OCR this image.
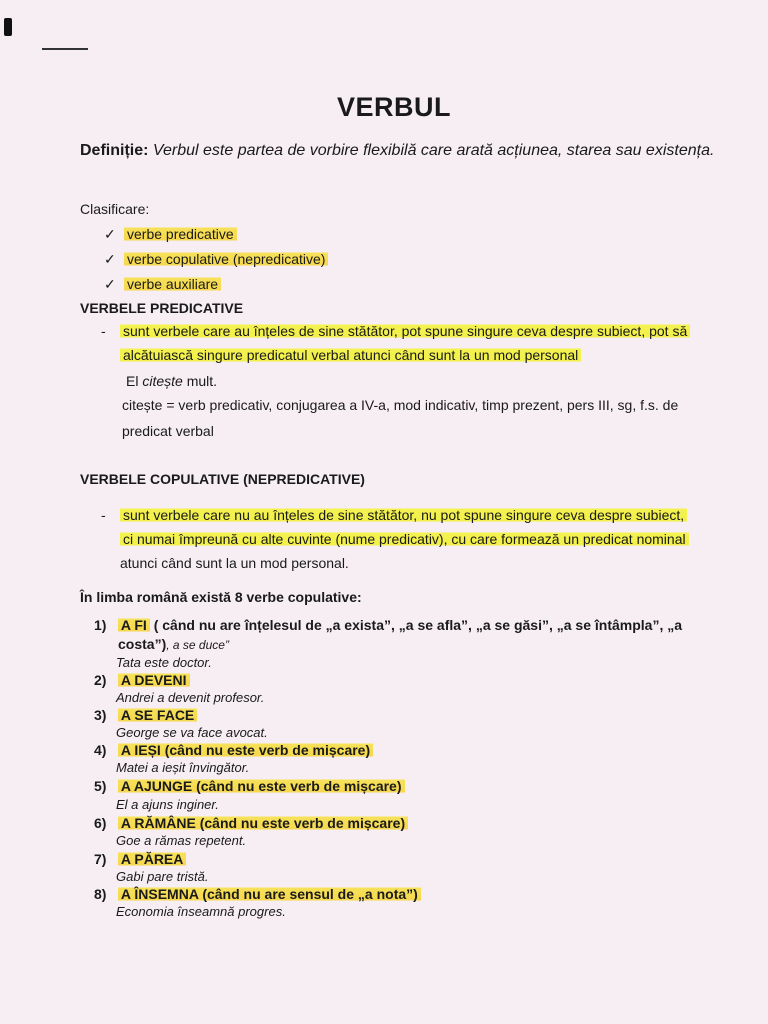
VERBUL
Definiție: Verbul este partea de vorbire flexibilă care arată acțiunea, starea sau existența.
Clasificare:
✓ verbe predicative
✓ verbe copulative (nepredicative)
✓ verbe auxiliare
VERBELE PREDICATIVE
- sunt verbele care au înțeles de sine stătător, pot spune singure ceva despre subiect, pot să
alcătuiască singure predicatul verbal atunci când sunt la un mod personal
El citește mult.
citește = verb predicativ, conjugarea a IV-a, mod indicativ, timp prezent, pers III, sg, f.s. de
predicat verbal
VERBELE COPULATIVE (NEPREDICATIVE)
- sunt verbele care nu au înțeles de sine stătător, nu pot spune singure ceva despre subiect,
ci numai împreună cu alte cuvinte (nume predicativ), cu care formează un predicat nominal
atunci când sunt la un mod personal.
În limba română există 8 verbe copulative:
1) A FI ( când nu are înțelesul de „a exista”, „a se afla”, „a se găsi”, „a se întâmpla”, „a
costa”), a se duce”
Tata este doctor.
2) A DEVENI
Andrei a devenit profesor.
3) A SE FACE
George se va face avocat.
4) A IEȘI (când nu este verb de mișcare)
Matei a ieșit învingător.
5) A AJUNGE (când nu este verb de mișcare)
El a ajuns inginer.
6) A RĂMÂNE (când nu este verb de mișcare)
Goe a rămas repetent.
7) A PĂREA
Gabi pare tristă.
8) A ÎNSEMNA (când nu are sensul de „a nota”)
Economia înseamnă progres.
